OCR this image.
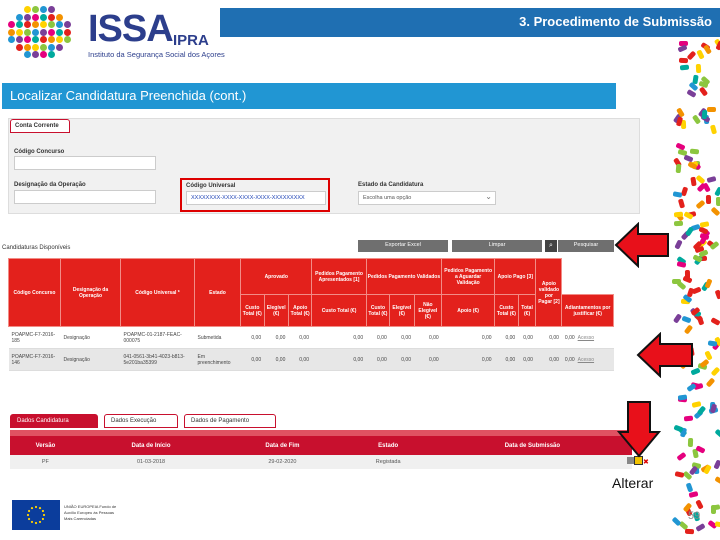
ISSA IPRA
Instituto da Segurança Social dos Açores
3. Procedimento de Submissão
Localizar Candidatura Preenchida (cont.)
Conta Corrente
Código Concurso
Designação da Operação	Código Universal
XXXXXXXX-XXXX-XXXX-XXXX-XXXXXXXXX
Estado da Candidatura
Escolha uma opção ⌄
Candidaturas Disponíveis	Exportar Excel	Limpar	⌕	Pesquisar
Código Concurso	Designação da Operação	Código Universal *	Estado	Aprovado			Pedidos Pagamento Apresentados [1]	Pedidos Pagamento Validados			Pedidos Pagamento a Aguardar Validação	Apoio Pago [3]		Apoio validado por Pagar [2]	
				Custo Total (€)	Elegível (€)	Apoio Total (€)	Custo Total (€)	Custo Total (€)	Elegível (€)	Não Elegível (€)	Apoio (€)	Custo Total (€)	Total (€)		Adiantamentos por justificar (€)
POAPMC-F7-2016-185	Designação	POAPMC-01-2187-FEAC-000075	Submetida	0,00	0,00	0,00	0,00	0,00	0,00	0,00	0,00	0,00	0,00	0,00	0,00 Acesso
POAPMC-F7-2016-146	Designação	041-0561-3b41-4023-b813-5e201ba35399	Em preenchimento	0,00	0,00	0,00	0,00	0,00	0,00	0,00	0,00	0,00	0,00	0,00	0,00 Acesso
Dados Candidatura	Dados Execução	Dados de Pagamento
Versão	Data de Início	Data de Fim	Estado	Data de Submissão
PF	01-03-2018	29-02-2020	Registada		✖
Alterar
59
UNIÃO EUROPEIA Fundo de Auxílio Europeu às Pessoas Mais Carenciadas
